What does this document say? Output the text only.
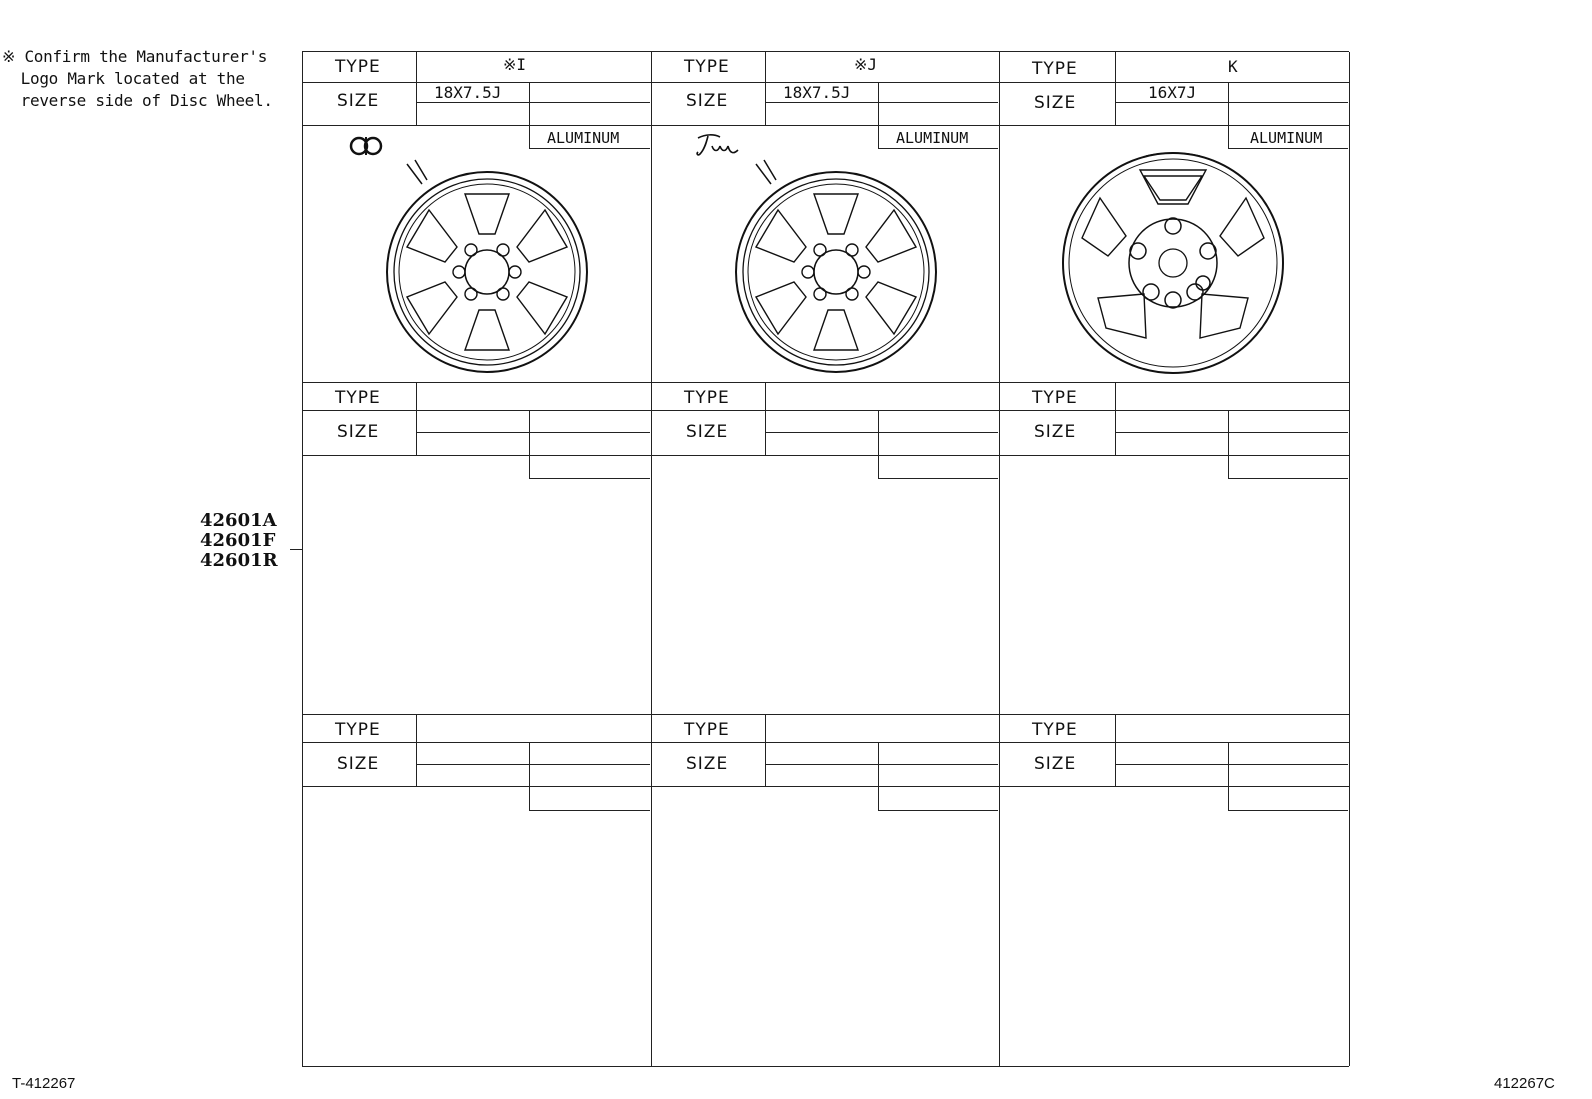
※ Confirm the Manufacturer's
Logo Mark located at the
reverse side of Disc Wheel.
42601A
42601F
42601R
TYPE
SIZE
※I
18X7.5J
ALUMINUM
TYPE
SIZE
TYPE
SIZE
TYPE
SIZE
※J
18X7.5J
ALUMINUM
TYPE
SIZE
TYPE
SIZE
TYPE
SIZE
K
16X7J
ALUMINUM
TYPE
SIZE
TYPE
SIZE
T-412267	412267C
